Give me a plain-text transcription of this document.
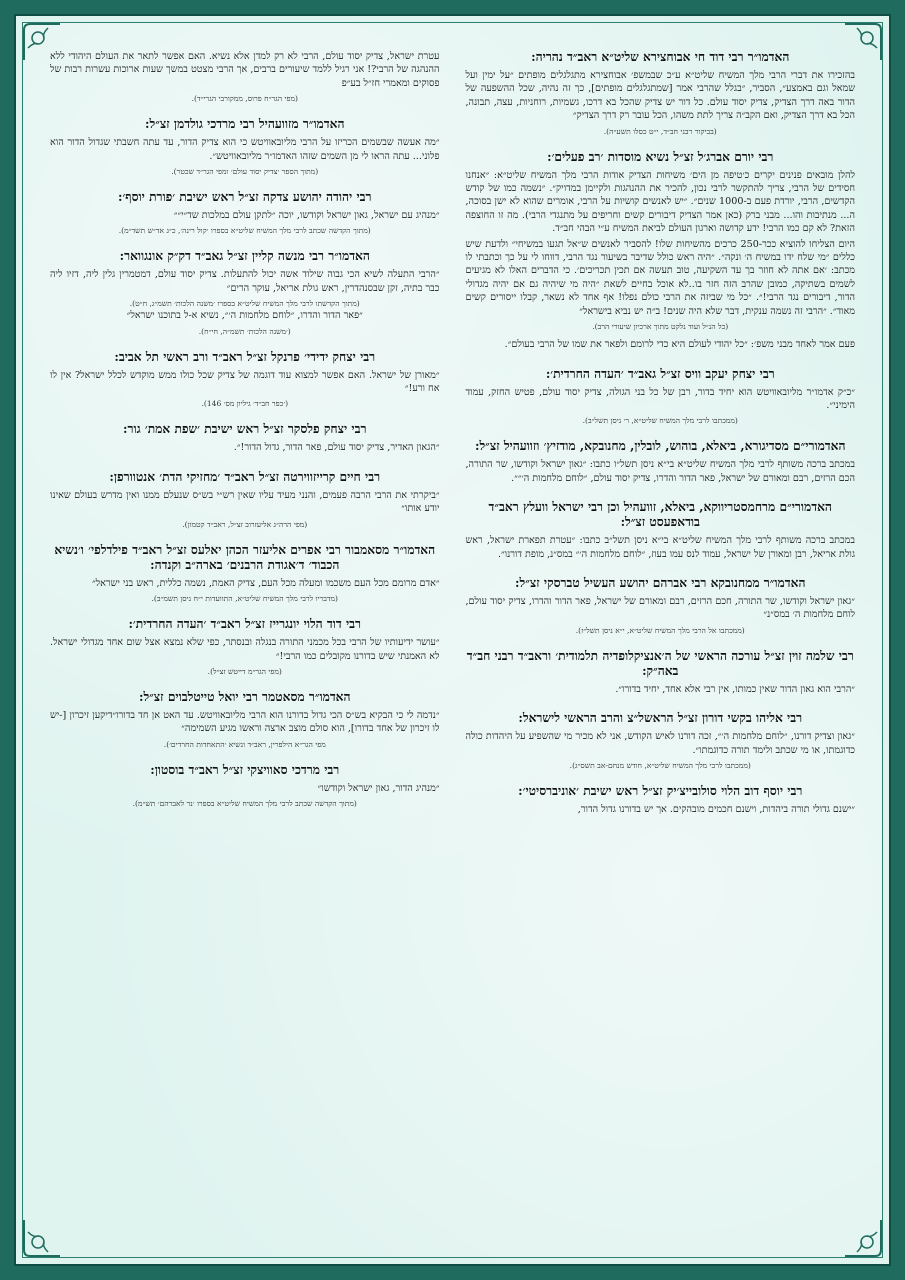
האדמו״ר רבי דוד חי אבוחצירא שליט״א ראב״ד נהריה:

בהזכירו את דברי הרבי מלך המשיח שליט״א ע״כ שבמשפ׳ אבוחצירא מתגלגלים מופתים ״על ימין ועל שמאל וגם באמצע״, הסביר, ״בגלל שהרבי אמר [שמתגלגלים מופתים], כך זה נהיה, שכל ההשפעה של הדור באה דרך הצדיק, צדיק יסוד עולם. כל דור יש צדיק שהכל בא דרכו, גשמיות, רוחניות, עצה, תבונה, הכל בא דרך הצדיק, ואם הקב״ה צריך לתת משהו, הכל עובר רק דרך הצדיק״

(בביקור רבני חב״ד, י״ט כסלו תשע״ה).
רבי יורם אברג׳ל זצ״ל נשיא מוסדות ׳רב פעלים׳:

להלן מובאים פנינים יקרים כ׳טיפה מן הים׳ משיחות הצדיק אודות הרבי מלך המשיח שליט״א: ״אנחנו חסידים של הרבי, צריך להתקשר לרבי נכון, להכיר את ההנהגות ולקיימן במדויק״. ״נשמה כמו של קודש הקדשים, הרבי, יורדת פעם ב-1000 שנים״. ״יש לאנשים קושיות על הרבי, אומרים שהוא לא ישן בסוכה, ה... מנתיבות והו... מבני ברק (כאן אמר הצדיק דיבורים קשים וחריפים על מתנגדי הרבי). מה זו החוצפה הזאת? לא קם כמו הרבי! ידע קדושה וארגון העולם לביאת המשיח ע״י הבהי חב״ד.

היום הצליחו להוציא ככר-250 כרכים מהשיחות שלו! להסביר לאנשים ש״אל תגעו במשיחי״ ולדעת שיש כללים ״מי שלח ידו במשיח ה׳ ונקה״. ״היה ראש כולל שדיבר בשיעור נגד הרבי, דווחו לי על כך וכתבתי לו מכתב: ׳אם אתה לא חוזר בך עד השקיעה, טוב תעשה אם תכין תכריכים׳. כי הדברים האלו לא מגיעים לשמים בשתיקה, כמובן שהרב הזה חזר בו..לא אוכל בחיים לשאת ״היה מי שיהיה גם אם יהיה מגדולי הדור, דיבורים נגד הרבי!״. ״כל מי שביזה את הרבי כולם נפלו! אף אחד לא נשאר, קבלו ייסורים קשים מאוד״. ״הרבי זה נשמה ענקית, דבר שלא היה שנים! ב״ה יש נביא בישראל״

(כל הנ״ל ועוד נלקט מתוך ארכיון שיעורי הרב).

פעם אמר לאחד מבני משפ׳: ״כל יהודי לעולם היא כדי לרומם ולפאר את שמו של הרבי בעולם״.

רבי יצחק יעקב וויס זצ״ל גאב״ד ׳העדה החרדית׳:

״כ״ק אדמו״ר מליובאוויטש הוא יחיד בדור, רבן של כל בני הגולה, צדיק יסוד עולם, פטיש החזק, עמוד הימיני״.

(ממכתבו לרבי מלך המשיח שליט״א, ר׳ ניסן תשל״ב).
האדמורי״ם מסדיגורא, ביאלא, בוהוש, לובלין, מחנובקא, מודזיץ׳ וזוועהיל זצ״ל:

במכתב ברכה משותף לרבי מלך המשיח שליט״א בי״א ניסן תשל״ו כתבו: ״גאון ישראל וקודשו, שר התורה, הכם הרזים, רבם ומאורם של ישראל, פאר הדור והדרו, צדיק יסוד עולם, ״לוחם מלחמות ה׳״״.

האדמורי״ם מרחמסטריווקא, ביאלא, זוועהיל וכן רבי ישראל וועלץ ראב״ד בודאפעסט זצ״ל:

במכתב ברכה משותף לרבי מלך המשיח שליט״א בי״א ניסן תשל״ב כתבו: ״עטרת תפארת ישראל, ראש גולת אריאל, רבן ומאורן של ישראל, עמוד לנס עמו בעוז, ״לוחם מלחמות ה׳״ במס״נ, מופת דורנו״.

האדמו״ר ממחנובקא רבי אברהם יהושע העשיל טברסקי זצ״ל:

״גאון ישראל וקודשו, שר התורה, חכם הרזים, רבם ומאורם של ישראל, פאר הדור והדרו, צדיק יסוד עולם, לוחם מלחמות ה׳ במס״נ״

(ממכתבו אל הרבי מלך המשיח שליט״א, י״א ניסן תשל״ז).
רבי שלמה זוין זצ״ל עורכה הראשי של ה׳אנציקלופדיה תלמודית׳ וראב״ד רבני חב״ד באה״ק:

״הרבי הוא גאון הדור שאין כמותו, אין רבי אלא אחד, יחיד בדורו״.

רבי אליהו בקשי דורון זצ״ל הראשל״צ והרב הראשי לישראל:

״גאון וצדיק דורנו, ״לוחם מלחמות ה׳״, זכה דורנו לאיש הקודש, אני לא מכיר מי שהשפיע על היהדות כולה כדוגמתו, או מי שכתב ולימד תורה כדוגמתו״.

(ממכתבו לרבי מלך המשיח שליט״א, חודש מנחם-אב תשס״ג).
רבי יוסף דוב הלוי סולובייצ׳יק זצ״ל ראש ישיבת ׳אוניברסיטי׳:

״ישנם גדולי תורה ביהדות, וישנם חכמים מובהקים. אך יש בדורנו גדול הדור,

עטרת ישראל, צדיק יסוד עולם, הרבי לא רק למדן אלא נשיא. האם אפשר לתאר את העולם היהודי ללא ההנהגה של הרבי?! אני רגיל ללמד שיעורים ברבים, אך הרבי מצטט במשך שעות ארוכות עשרות רבות של פסוקים ומאמרי חז״ל בע״פ

(מפי הגר״ח פרוס, ממקורבי הגרי״ד).
האדמו״ר מזוועהיל רבי מרדכי גולדמן זצ״ל:

״מה אעשה שבשמים הכריזו על הרבי מליובאוויטש כי הוא צדיק הדור, עד עתה חשבתי שגדול הדור הוא פלוני... עתה הראו לי מן השמים שזהו האדמו״ר מליובאוויטש״.

(מתוך הספר ׳צדיק יסוד עולם׳ ומפי הגר״ד שכטר).
רבי יהודה יהושע צדקה זצ״ל ראש ישיבת ׳פורת יוסף׳:

״מנהיג עם ישראל, גאון ישראל וקודשו, יוכה ״לתקן עולם במלכות שד״י״״

(מתוך הקדשה שכתב לרבי מלך המשיח שליט״א בספרו ׳קול רינה׳, כ״ג אד״ש תשד״מ).
האדמו״ר רבי מנשה קליין זצ״ל גאב״ד דק״ק אונגוואר:

״הרבי התעלה לשיא הכי גבוה שילוד אשה יכול להתעלות. צדיק יסוד עולם, דמטמרין גלין ליה, דזיו ליה כבר בתיה, זקן שבסנהדרין, ראש גולת אריאל, עוקר הרים״

(מתוך הקדשתו לרבי מלך המשיח שליט״א בספרו ׳משנה הלכות׳ תשמ״ג, ח״ט).

״פאר הדור והדרו, ״לוחם מלחמות ה׳״, נשיא א-ל בתוכנו ישראל״

(׳משנה הלכות׳ תשמ״ה, חי״ח).
רבי יצחק ידידי׳ פרנקל זצ״ל ראב״ד ורב ראשי תל אביב:

״מאורן של ישראל. האם אפשר למצוא עוד דוגמה של צדיק שכל כולו ממש מוקדש לכלל ישראל? אין לו אח ורע!״

(׳כפר חב״ד׳ גיליון מס׳ 146).
רבי יצחק פלסקר זצ״ל ראש ישיבת ׳שפת אמת׳ גור:

״הגאון האדיר, צדיק יסוד עולם, פאר הדור, גדול הדור!״.

רבי חיים קרייזווירטה זצ״ל ראב״ד ׳מחזיקי הדת׳ אנטוורפן:

״ביקרתי את הרבי הרבה פעמים, והנני מעיד עליו שאין רש״י בש״ס שנעלם ממנו ואין מדרש בעולם שאינו יודע אותו״

(מפי הרה״ג אליעזרוב זצ״ל, ראב״ד קטמון).
האדמו״ר מסאמבור רבי אפרים אליעזר הכהן יאלעס זצ״ל ראב״ד פילדלפי׳ ו׳נשיא הכבוד׳ ד׳אגודת הרבנים׳ בארה״ב וקנדה:

״אדם מרומם מכל העם משכמו ומעלה מכל העם, צדיק האמת, נשמה כללית, ראש בני ישראל״

(מדבריו לרבי מלך המשיח שליט״א, התוועדות י״ח ניסן תשמ״ב).
רבי דוד הלוי יונגרייז זצ״ל ראב״ד ׳העדה החרדית׳:

״עושר ידיעותיו של הרבי בכל מכמני התורה בנגלה ובנסתר, כפי שלא נמצא אצל שום אחד מגדולי ישראל. לא האמנתי שיש בדורנו מקובלים כמו הרבי!״

(מפי הגר״מ דייטש זצ״ל).
האדמו״ר מסאטמר רבי יואל טייטלבוים זצ״ל:

״נדמה לי כי הבקיא בש״ס הכי גדול בדורנו הוא הרבי מליובאוויטש. עד האט אן חד בדורו״דיקען זיכרון [-יש לו זיכרון של אחד בדורו], הוא סולם מוצב ארצה וראשו מגיע השמימה״

מפי הגר״א הילפרין, ראב״ד ונשיא ׳התאחדות החרדים׳).
רבי מרדכי סאוויצקי זצ״ל ראב״ד בוסטון:

״מנהיג הדור, גאון ישראל וקודשו״

(מתוך הקדשה שכתב לרבי מלך המשיח שליט״א בספרו ׳נר לאברהם׳ תש״מ).
